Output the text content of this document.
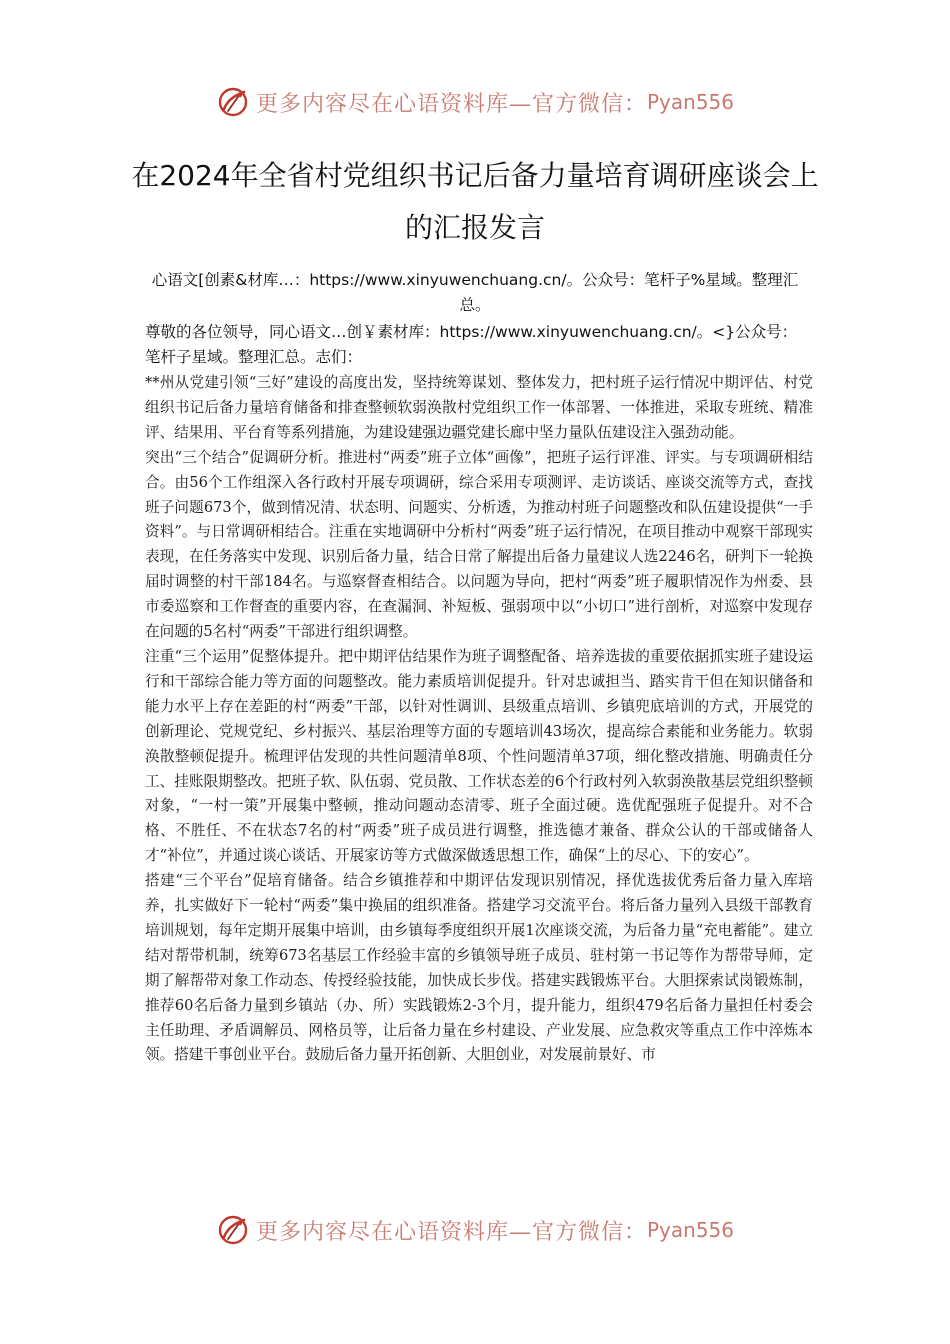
更多内容尽在心语资料库—官方微信： Pyan556
在2024年全省村党组织书记后备力量培育调研座谈会上的汇报发言
心语文[创素&材库…：https://www.xinyuwenchuang.cn/。公众号：笔杆子%星域。整理汇总。
尊敬的各位领导，同心语文…创￥素材库：https://www.xinyuwenchuang.cn/。<}公众号：笔杆子星域。整理汇总。志们：

**州从党建引领“三好”建设的高度出发，坚持统筹谋划、整体发力，把村班子运行情况中期评估、村党组织书记后备力量培育储备和排查整顿软弱涣散村党组织工作一体部署、一体推进，采取专班统、精准评、结果用、平台育等系列措施，为建设建强边疆党建长廊中坚力量队伍建设注入强劲动能。

突出“三个结合”促调研分析。推进村“两委”班子立体“画像”，把班子运行评准、评实。与专项调研相结合。由56个工作组深入各行政村开展专项调研，综合采用专项测评、走访谈话、座谈交流等方式，查找班子问题673个，做到情况清、状态明、问题实、分析透，为推动村班子问题整改和队伍建设提供“一手资料”。与日常调研相结合。注重在实地调研中分析村“两委”班子运行情况，在项目推动中观察干部现实表现，在任务落实中发现、识别后备力量，结合日常了解提出后备力量建议人选2246名，研判下一轮换届时调整的村干部184名。与巡察督查相结合。以问题为导向，把村“两委”班子履职情况作为州委、县市委巡察和工作督查的重要内容，在查漏洞、补短板、强弱项中以“小切口”进行剖析，对巡察中发现存在问题的5名村“两委”干部进行组织调整。

注重“三个运用”促整体提升。把中期评估结果作为班子调整配备、培养选拔的重要依据抓实班子建设运行和干部综合能力等方面的问题整改。能力素质培训促提升。针对忠诚担当、踏实肯干但在知识储备和能力水平上存在差距的村“两委”干部，以针对性调训、县级重点培训、乡镇兜底培训的方式，开展党的创新理论、党规党纪、乡村振兴、基层治理等方面的专题培训43场次，提高综合素能和业务能力。软弱涣散整顿促提升。梳理评估发现的共性问题清单8项、个性问题清单37项，细化整改措施、明确责任分工、挂账限期整改。把班子软、队伍弱、党员散、工作状态差的6个行政村列入软弱涣散基层党组织整顿对象，“一村一策”开展集中整顿，推动问题动态清零、班子全面过硬。选优配强班子促提升。对不合格、不胜任、不在状态7名的村“两委”班子成员进行调整，推选德才兼备、群众公认的干部或储备人才“补位”，并通过谈心谈话、开展家访等方式做深做透思想工作，确保“上的尽心、下的安心”。

搭建“三个平台”促培育储备。结合乡镇推荐和中期评估发现识别情况，择优选拔优秀后备力量入库培养，扎实做好下一轮村“两委”集中换届的组织准备。搭建学习交流平台。将后备力量列入县级干部教育培训规划，每年定期开展集中培训，由乡镇每季度组织开展1次座谈交流，为后备力量“充电蓄能”。建立结对帮带机制，统筹673名基层工作经验丰富的乡镇领导班子成员、驻村第一书记等作为帮带导师，定期了解帮带对象工作动态、传授经验技能，加快成长步伐。搭建实践锻炼平台。大胆探索试岗锻炼制，推荐60名后备力量到乡镇站（办、所）实践锻炼2-3个月，提升能力，组织479名后备力量担任村委会主任助理、矛盾调解员、网格员等，让后备力量在乡村建设、产业发展、应急救灾等重点工作中淬炼本领。搭建干事创业平台。鼓励后备力量开拓创新、大胆创业，对发展前景好、市

更多内容尽在心语资料库—官方微信： Pyan556
